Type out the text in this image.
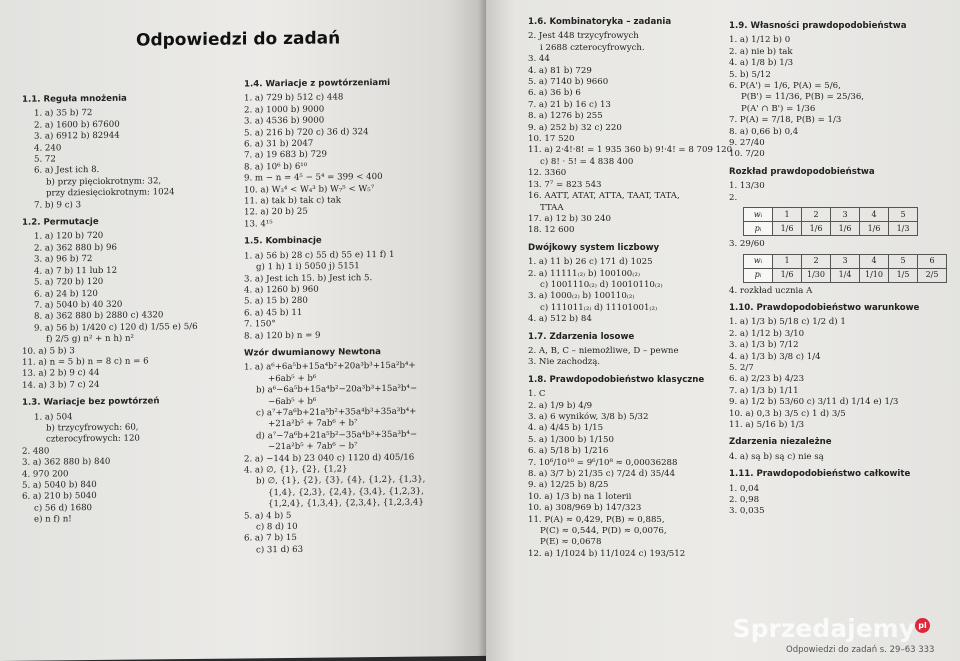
Odpowiedzi do zadań
1.1. Reguła mnożenia
1. a) 35 b) 72
2. a) 1600 b) 67600
3. a) 6912 b) 82944
4. 240
5. 72
6. a) Jest ich 8.
b) przy pięciokrotnym: 32,
przy dziesięciokrotnym: 1024
7. b) 9 c) 3
1.2. Permutacje
1. a) 120 b) 720
2. a) 362 880 b) 96
3. a) 96 b) 72
4. a) 7 b) 11 lub 12
5. a) 720 b) 120
6. a) 24 b) 120
7. a) 5040 b) 40 320
8. a) 362 880 b) 2880 c) 4320
9. a) 56 b) 1/420 c) 120 d) 1/55 e) 5/6
f) 2/5 g) n² + n h) n²
10. a) 5 b) 3
11. a) n = 5 b) n = 8 c) n = 6
13. a) 2 b) 9 c) 44
14. a) 3 b) 7 c) 24
1.3. Wariacje bez powtórzeń
1. a) 504
b) trzycyfrowych: 60,
czterocyfrowych: 120
2. 480
3. a) 362 880 b) 840
4. 970 200
5. a) 5040 b) 840
6. a) 210 b) 5040
c) 56 d) 1680
e) n f) n!
1.4. Wariacje z powtórzeniami
1. a) 729 b) 512 c) 448
2. a) 1000 b) 9000
3. a) 4536 b) 9000
5. a) 216 b) 720 c) 36 d) 324
6. a) 31 b) 2047
7. a) 19 683 b) 729
8. a) 10⁶ b) 6¹⁰
9. m − n = 4⁵ − 5⁴ = 399 < 400
10. a) W₃⁴ < W₄³ b) W₇⁵ < W₅⁷
11. a) tak b) tak c) tak
12. a) 20 b) 25
13. 4¹⁵
1.5. Kombinacje
1. a) 56 b) 28 c) 55 d) 55 e) 11 f) 1
g) 1 h) 1 i) 5050 j) 5151
3. a) Jest ich 15. b) Jest ich 5.
4. a) 1260 b) 960
5. a) 15 b) 280
6. a) 45 b) 11
7. 150°
8. a) 120 b) n = 9
Wzór dwumianowy Newtona
1. a) a⁶+6a⁵b+15a⁴b²+20a³b³+15a²b⁴+
+6ab⁵ + b⁶
b) a⁶−6a⁵b+15a⁴b²−20a³b³+15a²b⁴−
−6ab⁵ + b⁶
c) a⁷+7a⁶b+21a⁵b²+35a⁴b³+35a³b⁴+
+21a²b⁵ + 7ab⁶ + b⁷
d) a⁷−7a⁶b+21a⁵b²−35a⁴b³+35a³b⁴−
−21a²b⁵ + 7ab⁶ − b⁷
2. a) −144 b) 23 040 c) 1120 d) 405/16
4. a) ∅, {1}, {2}, {1,2}
b) ∅, {1}, {2}, {3}, {4}, {1,2}, {1,3},
{1,4}, {2,3}, {2,4}, {3,4}, {1,2,3},
{1,2,4}, {1,3,4}, {2,3,4}, {1,2,3,4}
5. a) 4 b) 5
c) 8 d) 10
6. a) 7 b) 15
c) 31 d) 63
1.6. Kombinatoryka – zadania
2. Jest 448 trzycyfrowych
i 2688 czterocyfrowych.
3. 44
4. a) 81 b) 729
5. a) 7140 b) 9660
6. a) 36 b) 6
7. a) 21 b) 16 c) 13
8. a) 1276 b) 255
9. a) 252 b) 32 c) 220
10. 17 520
11. a) 2·4!·8! = 1 935 360 b) 9!·4! = 8 709 120
c) 8! · 5! = 4 838 400
12. 3360
13. 7⁷ = 823 543
16. AATT, ATAT, ATTA, TAAT, TATA,
TTAA
17. a) 12 b) 30 240
18. 12 600
Dwójkowy system liczbowy
1. a) 11 b) 26 c) 171 d) 1025
2. a) 11111₍₂₎ b) 100100₍₂₎
c) 1001110₍₂₎ d) 10010110₍₂₎
3. a) 1000₍₂₎ b) 100110₍₂₎
c) 111011₍₂₎ d) 11101001₍₂₎
4. a) 512 b) 84
1.7. Zdarzenia losowe
2. A, B, C – niemożliwe, D – pewne
3. Nie zachodzą.
1.8. Prawdopodobieństwo klasyczne
1. C
2. a) 1/9 b) 4/9
3. a) 6 wyników, 3/8 b) 5/32
4. a) 4/45 b) 1/15
5. a) 1/300 b) 1/150
6. a) 5/18 b) 1/216
7. 10⁶/10¹⁰ = 9⁶/10⁸ ≈ 0,00036288
8. a) 3/7 b) 21/35 c) 7/24 d) 35/44
9. a) 12/25 b) 8/25
10. a) 1/3 b) na 1 loterii
10. a) 308/969 b) 147/323
11. P(A) ≈ 0,429, P(B) ≈ 0,885,
P(C) ≈ 0,544, P(D) ≈ 0,0076,
P(E) ≈ 0,0678
12. a) 1/1024 b) 11/1024 c) 193/512
1.9. Własności prawdopodobieństwa
1. a) 1/12 b) 0
2. a) nie b) tak
4. a) 1/8 b) 1/3
5. b) 5/12
6. P(A') = 1/6, P(A) = 5/6,
P(B') = 11/36, P(B) = 25/36,
P(A' ∩ B') = 1/36
7. P(A) = 7/18, P(B) = 1/3
8. a) 0,66 b) 0,4
9. 27/40
10. 7/20
Rozkład prawdopodobieństwa
1. 13/30
2.
wᵢ	1	2	3	4	5
pᵢ	1/6	1/6	1/6	1/6	1/3
3. 29/60
wᵢ	1	2	3	4	5	6
pᵢ	1/6	1/30	1/4	1/10	1/5	2/5
4. rozkład ucznia A
1.10. Prawdopodobieństwo warunkowe
1. a) 1/3 b) 5/18 c) 1/2 d) 1
2. a) 1/12 b) 3/10
3. a) 1/3 b) 7/12
4. a) 1/3 b) 3/8 c) 1/4
5. 2/7
6. a) 2/23 b) 4/23
7. a) 1/3 b) 1/11
9. a) 1/2 b) 53/60 c) 3/11 d) 1/14 e) 1/3
10. a) 0,3 b) 3/5 c) 1 d) 3/5
11. a) 5/16 b) 1/3
Zdarzenia niezależne
4. a) są b) są c) nie są
1.11. Prawdopodobieństwo całkowite
1. 0,04
2. 0,98
3. 0,035
Odpowiedzi do zadań s. 29–63 333
Sprzedajemy pl
